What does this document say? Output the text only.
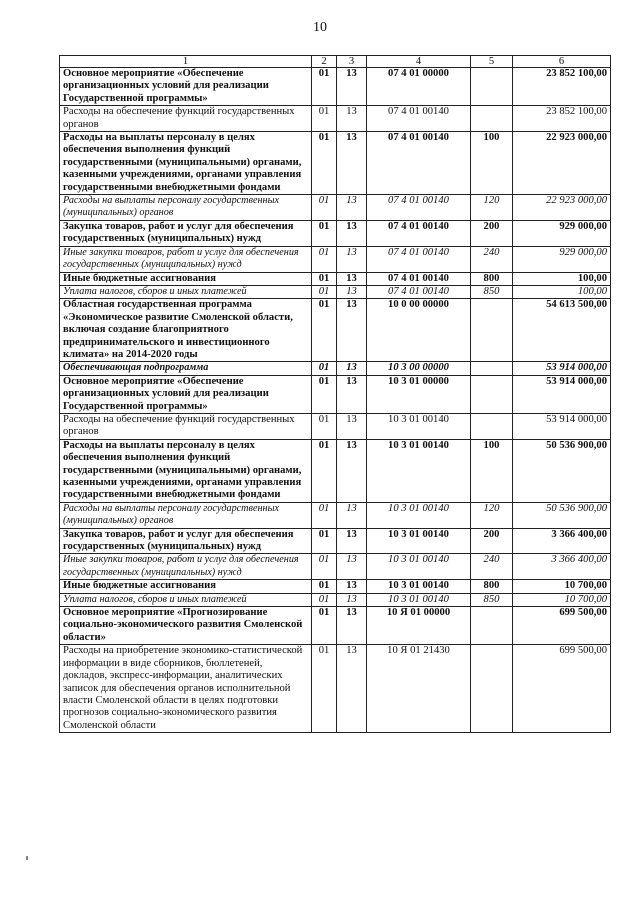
10
1	2	3	4	5	6
Основное мероприятие «Обеспечение организационных условий для реализации Государственной программы»	01	13	07 4 01 00000		23 852 100,00
Расходы на обеспечение функций государственных органов	01	13	07 4 01 00140		23 852 100,00
Расходы на выплаты персоналу в целях обеспечения выполнения функций государственными (муниципальными) органами, казенными учреждениями, органами управления государственными внебюджетными фондами	01	13	07 4 01 00140	100	22 923 000,00
Расходы на выплаты персоналу государственных (муниципальных) органов	01	13	07 4 01 00140	120	22 923 000,00
Закупка товаров, работ и услуг для обеспечения государственных (муниципальных) нужд	01	13	07 4 01 00140	200	929 000,00
Иные закупки товаров, работ и услуг для обеспечения государственных (муниципальных) нужд	01	13	07 4 01 00140	240	929 000,00
Иные бюджетные ассигнования	01	13	07 4 01 00140	800	100,00
Уплата налогов, сборов и иных платежей	01	13	07 4 01 00140	850	100,00
Областная государственная программа «Экономическое развитие Смоленской области, включая создание благоприятного предпринимательского и инвестиционного климата» на 2014-2020 годы	01	13	10 0 00 00000		54 613 500,00
Обеспечивающая подпрограмма	01	13	10 3 00 00000		53 914 000,00
Основное мероприятие «Обеспечение организационных условий для реализации Государственной программы»	01	13	10 3 01 00000		53 914 000,00
Расходы на обеспечение функций государственных органов	01	13	10 3 01 00140		53 914 000,00
Расходы на выплаты персоналу в целях обеспечения выполнения функций государственными (муниципальными) органами, казенными учреждениями, органами управления государственными внебюджетными фондами	01	13	10 3 01 00140	100	50 536 900,00
Расходы на выплаты персоналу государственных (муниципальных) органов	01	13	10 3 01 00140	120	50 536 900,00
Закупка товаров, работ и услуг для обеспечения государственных (муниципальных) нужд	01	13	10 3 01 00140	200	3 366 400,00
Иные закупки товаров, работ и услуг для обеспечения государственных (муниципальных) нужд	01	13	10 3 01 00140	240	3 366 400,00
Иные бюджетные ассигнования	01	13	10 3 01 00140	800	10 700,00
Уплата налогов, сборов и иных платежей	01	13	10 3 01 00140	850	10 700,00
Основное мероприятие «Прогнозирование социально-экономического развития Смоленской области»	01	13	10 Я 01 00000		699 500,00
Расходы на приобретение экономико-статистической информации в виде сборников, бюллетеней, докладов, экспресс-информации, аналитических записок для обеспечения органов исполнительной власти Смоленской области в целях подготовки прогнозов социально-экономического развития Смоленской области	01	13	10 Я 01 21430		699 500,00
